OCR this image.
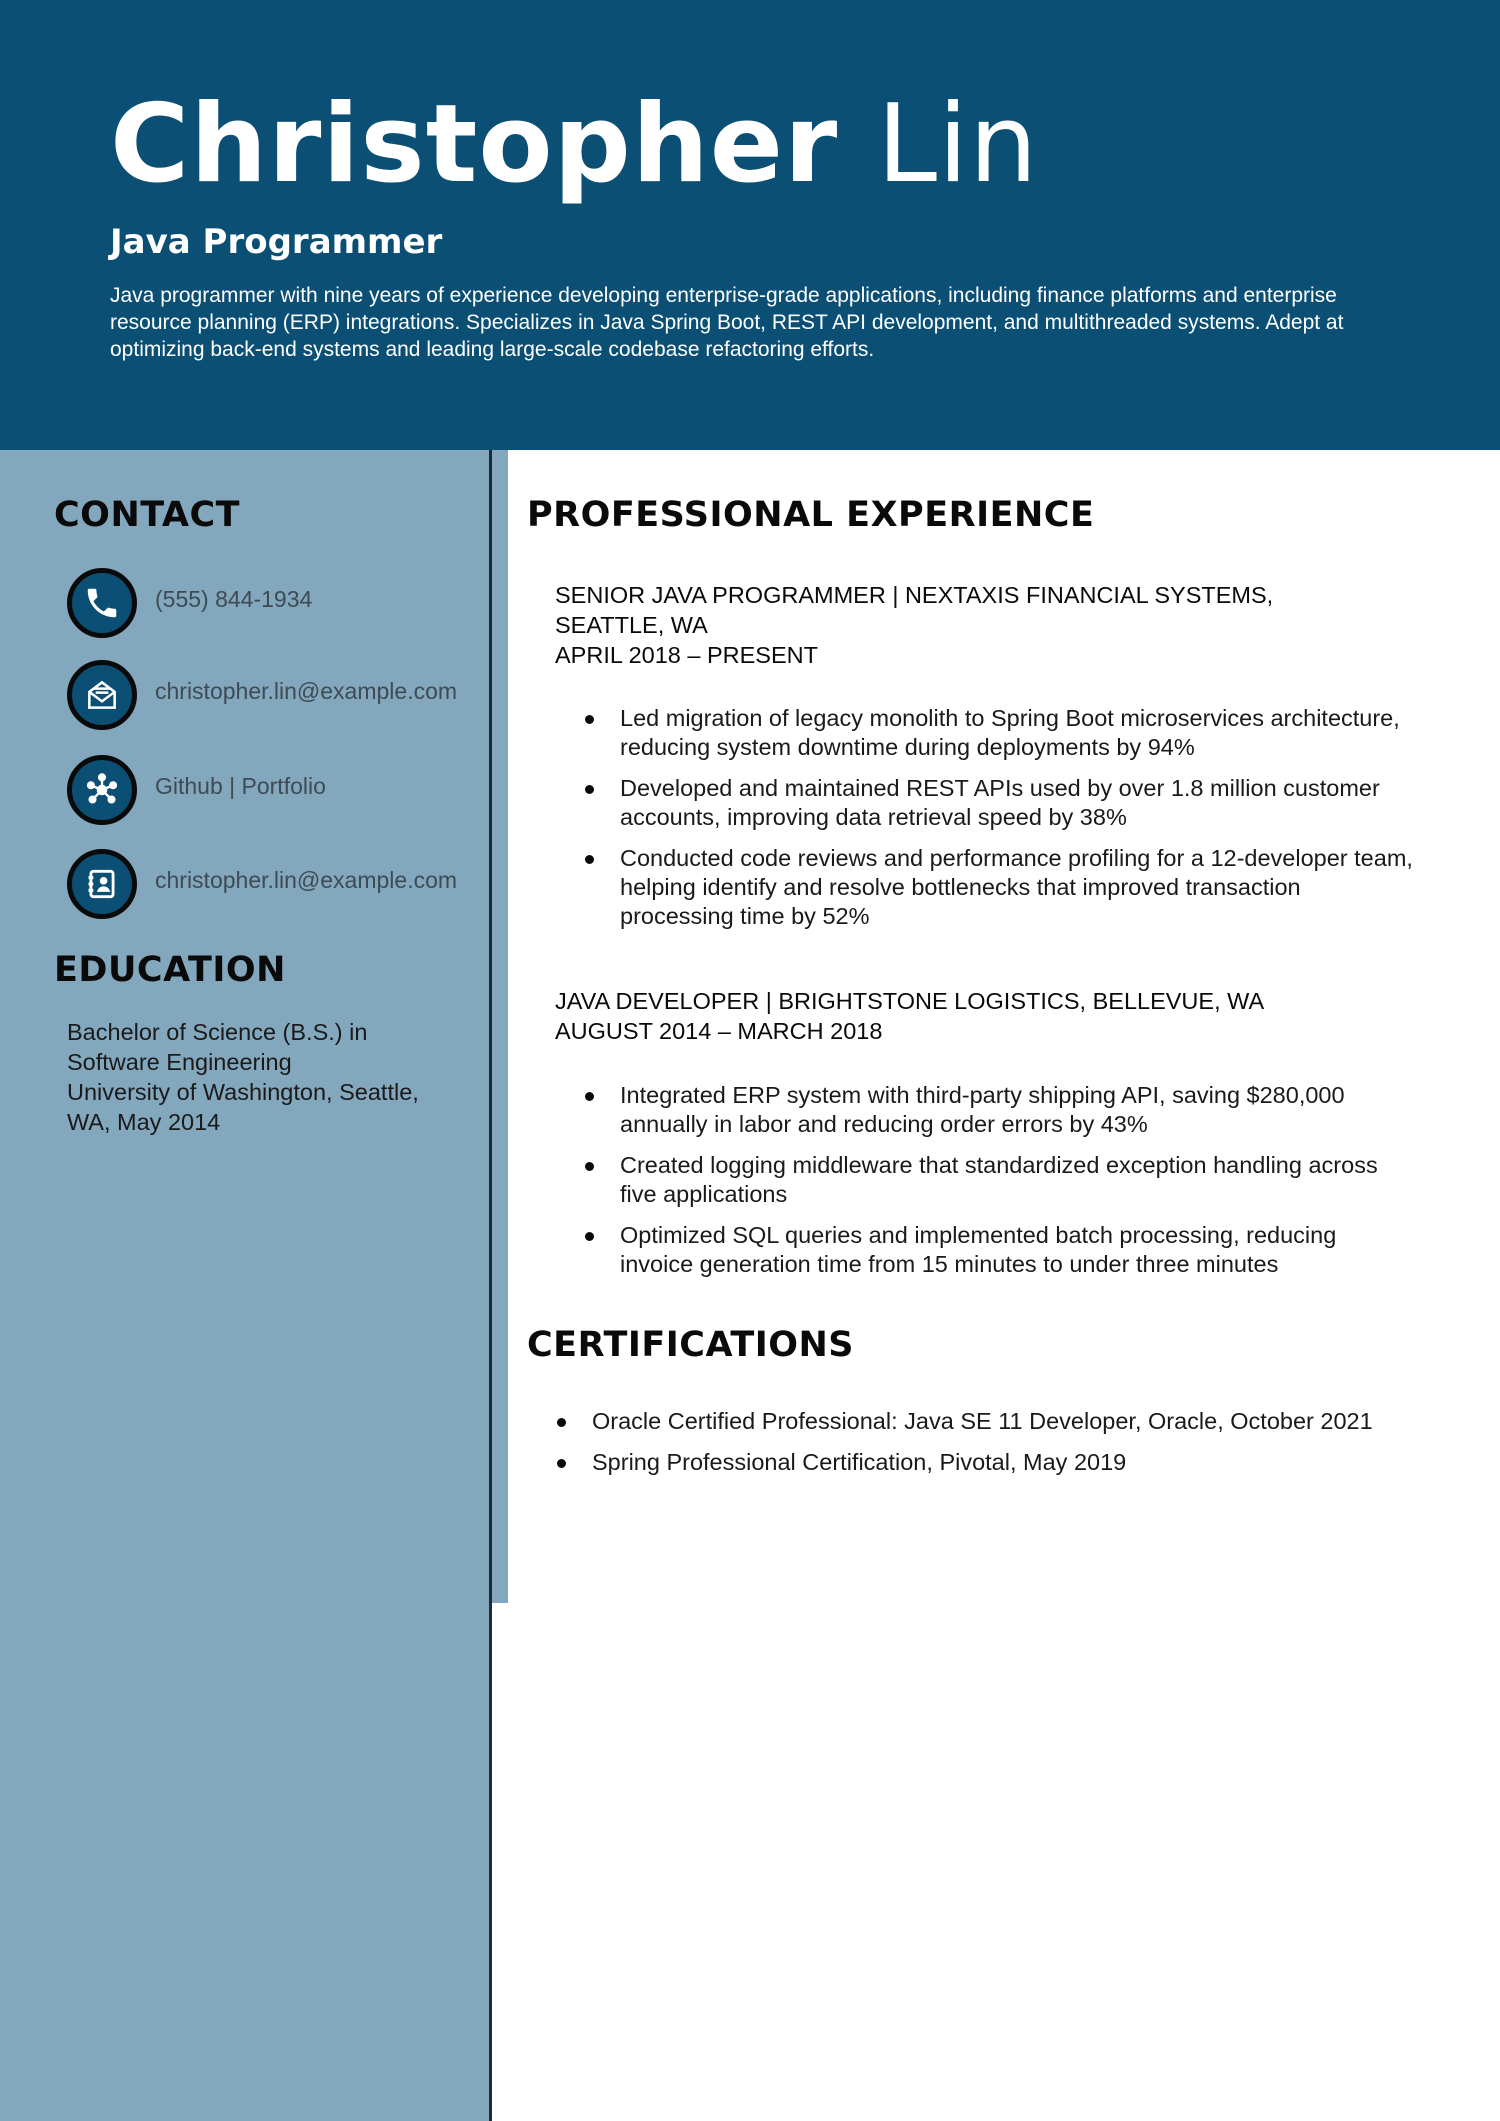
Christopher Lin
Java Programmer

Java programmer with nine years of experience developing enterprise-grade applications, including finance platforms and enterprise resource planning (ERP) integrations. Specializes in Java Spring Boot, REST API development, and multithreaded systems. Adept at optimizing back-end systems and leading large-scale codebase refactoring efforts.

CONTACT
(555) 844-1934
christopher.lin@example.com
Github | Portfolio
christopher.lin@example.com
EDUCATION
Bachelor of Science (B.S.) in
Software Engineering
University of Washington, Seattle,
WA, May 2014
PROFESSIONAL EXPERIENCE
SENIOR JAVA PROGRAMMER | NEXTAXIS FINANCIAL SYSTEMS,
SEATTLE, WA
APRIL 2018 – PRESENT
Led migration of legacy monolith to Spring Boot microservices architecture, reducing system downtime during deployments by 94%
Developed and maintained REST APIs used by over 1.8 million customer accounts, improving data retrieval speed by 38%
Conducted code reviews and performance profiling for a 12-developer team, helping identify and resolve bottlenecks that improved transaction processing time by 52%
JAVA DEVELOPER | BRIGHTSTONE LOGISTICS, BELLEVUE, WA
AUGUST 2014 – MARCH 2018
Integrated ERP system with third-party shipping API, saving $280,000 annually in labor and reducing order errors by 43%
Created logging middleware that standardized exception handling across five applications
Optimized SQL queries and implemented batch processing, reducing invoice generation time from 15 minutes to under three minutes
CERTIFICATIONS
Oracle Certified Professional: Java SE 11 Developer, Oracle, October 2021
Spring Professional Certification, Pivotal, May 2019
